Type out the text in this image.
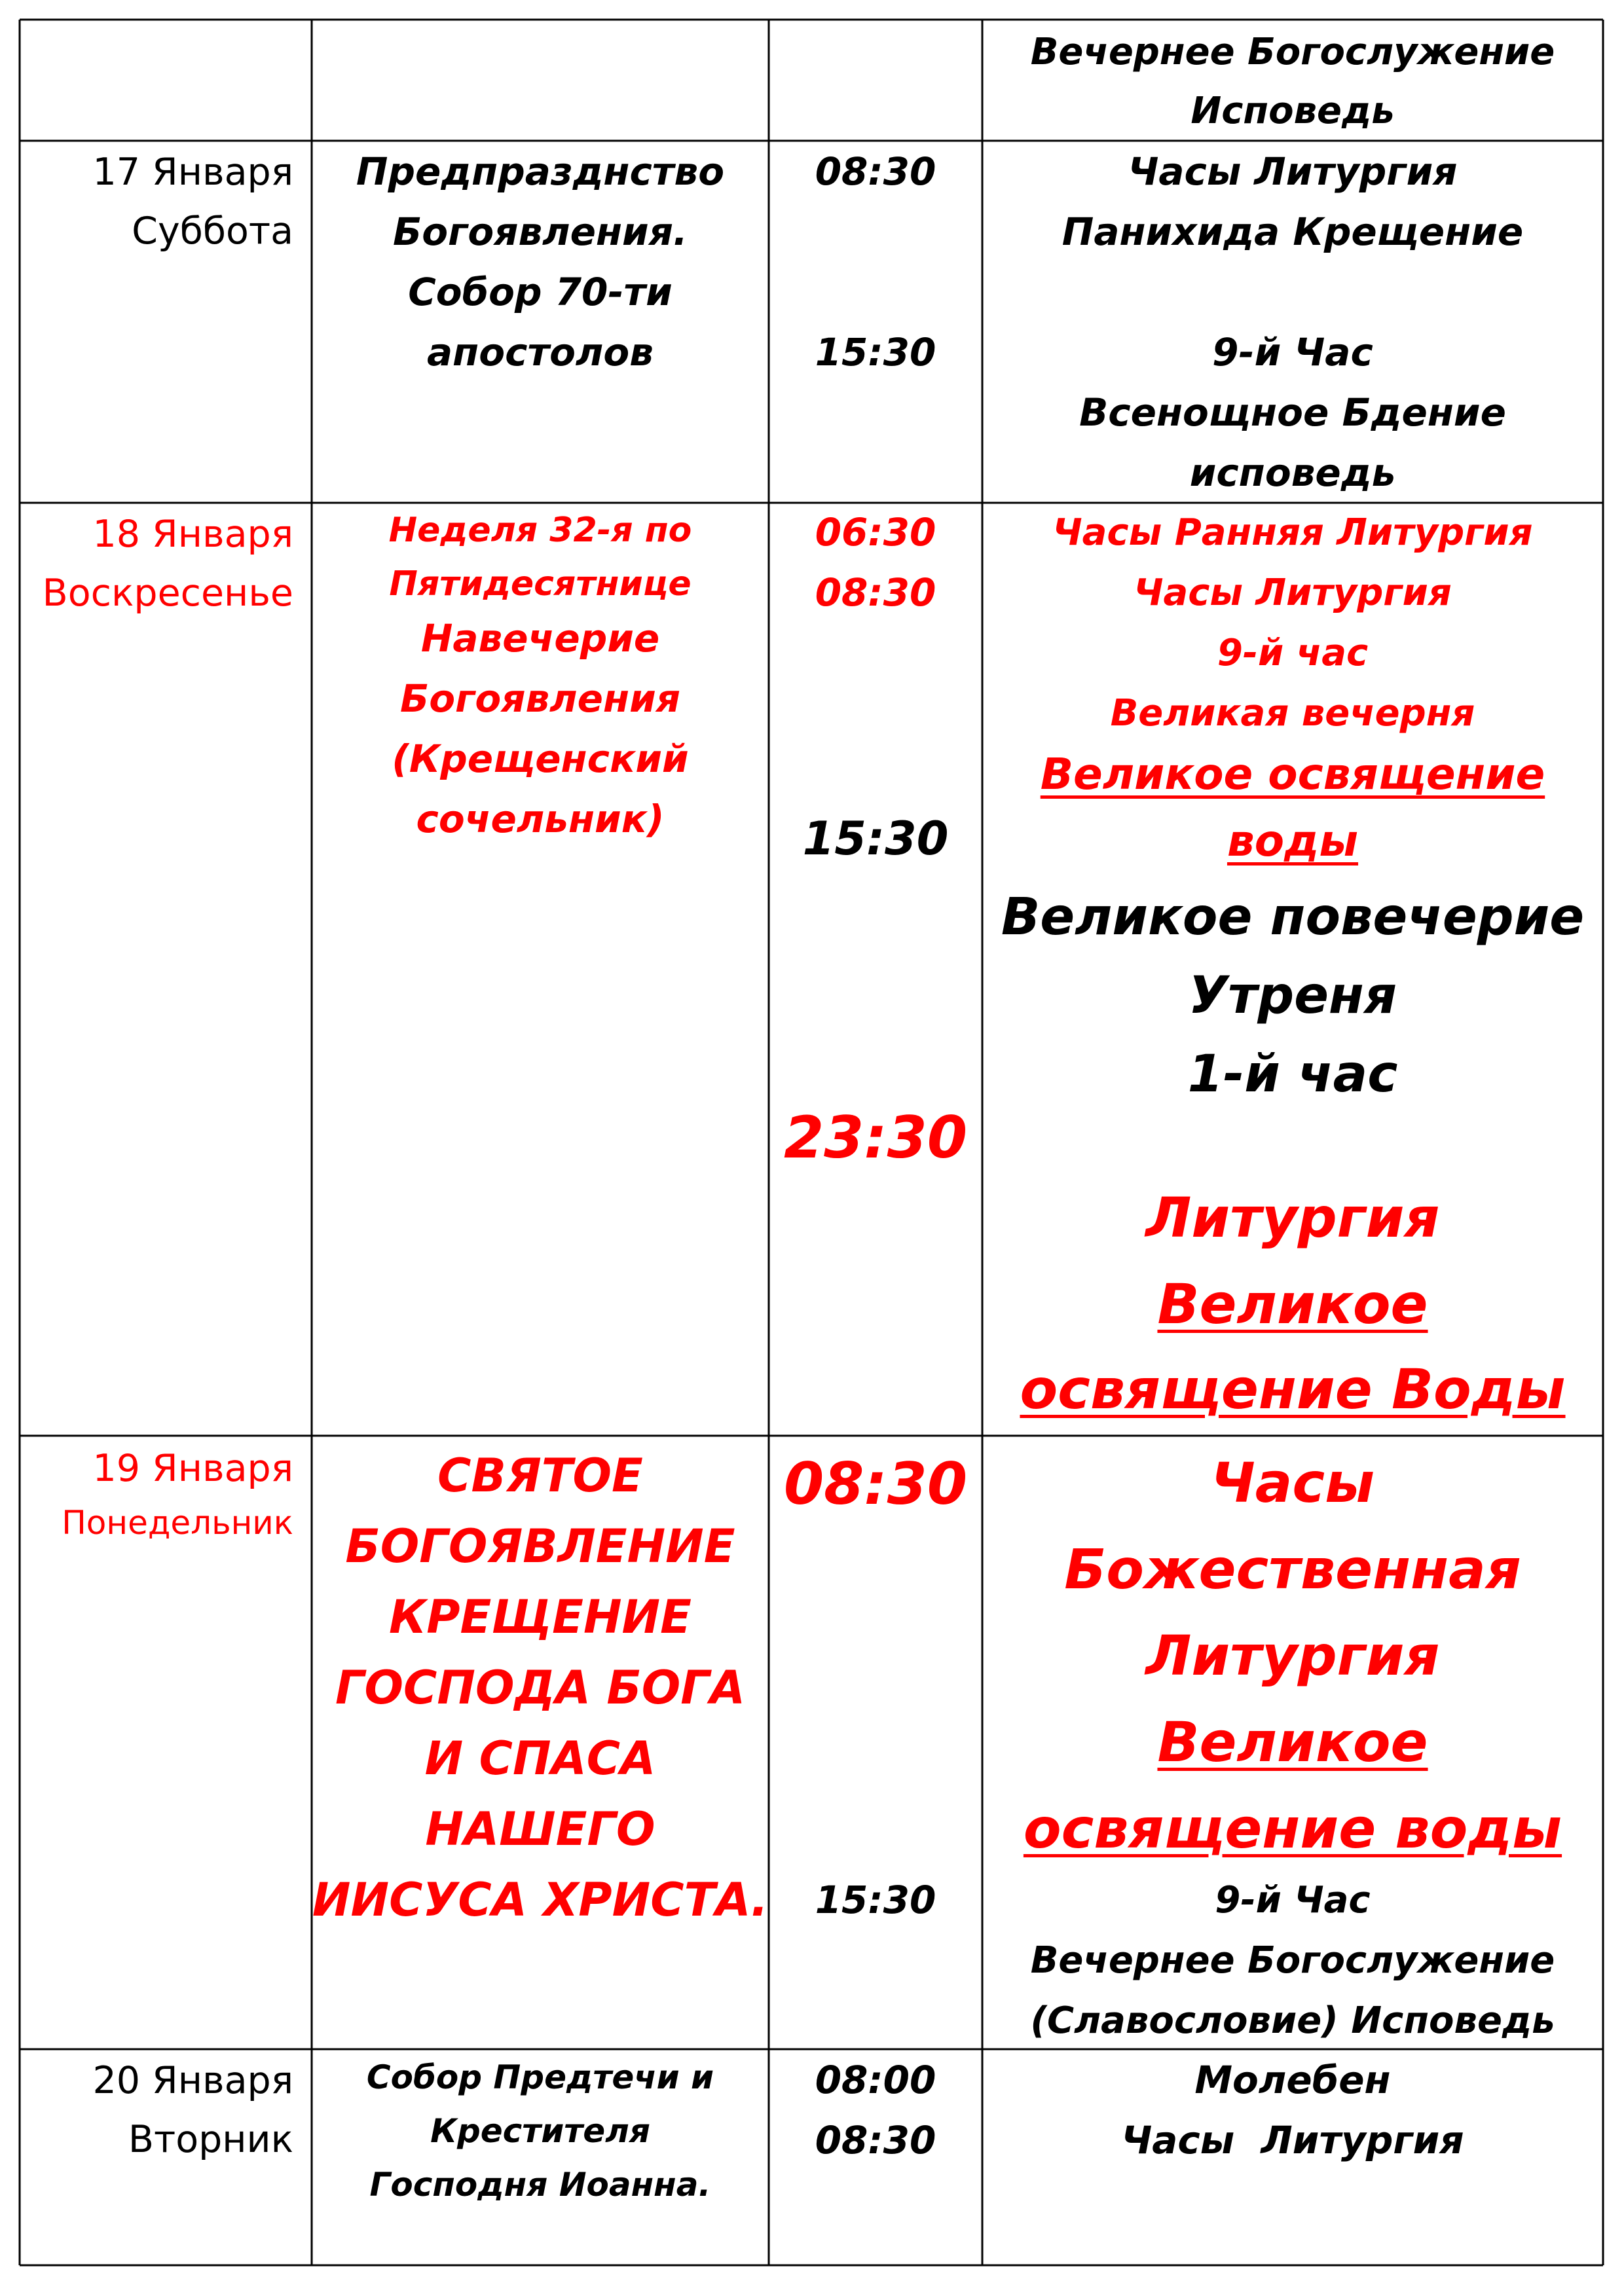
Вечернее Богослужение
Исповедь
17 Января
Суббота
Предпразднство
Богоявления.
Собор 70-ти
апостолов
08:30
15:30
Часы Литургия
Панихида Крещение
9-й Час
Всенощное Бдение
исповедь
18 Января
Воскресенье
Неделя 32-я по
Пятидесятнице
Навечерие
Богоявления
(Крещенский
сочельник)
06:30
08:30
15:30
23:30
Часы Ранняя Литургия
Часы Литургия
9-й час
Великая вечерня
Великое освящение
воды
Великое повечерие
Утреня
1-й час
Литургия
Великое
освящение Воды
19 Января
Понедельник
СВЯТОЕ
БОГОЯВЛЕНИЕ
КРЕЩЕНИЕ
ГОСПОДА БОГА
И СПАСА
НАШЕГО
ИИСУСА ХРИСТА.
08:30
15:30
Часы
Божественная
Литургия
Великое
освящение воды
9-й Час
Вечернее Богослужение
(Славословие) Исповедь
20 Января
Вторник
Собор Предтечи и
Крестителя
Господня Иоанна.
08:00
08:30
Молебен
Часы  Литургия
